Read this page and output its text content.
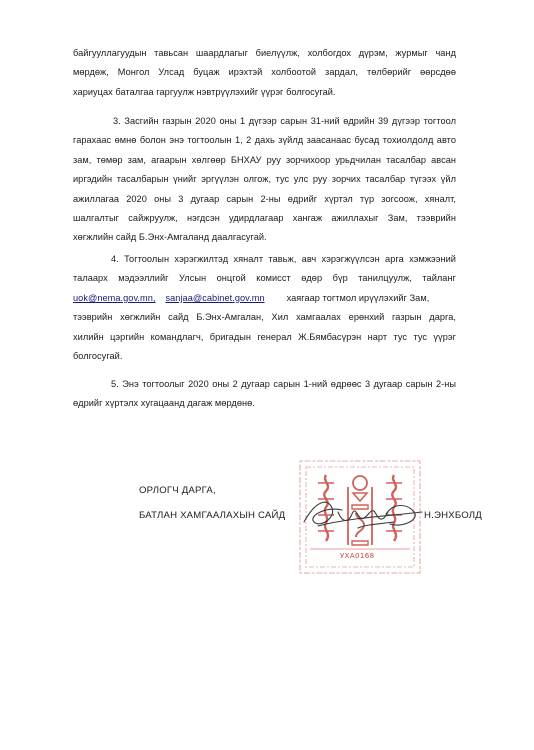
байгууллагуудын тавьсан шаардлагыг биелүүлж, холбогдох дүрэм, журмыг чанд
мөрдөж, Монгол Улсад буцаж ирэхтэй холбоотой зардал, төлбөрийг өөрсдөө
хариуцах баталгаа гаргуулж нэвтрүүлэхийг үүрэг болгосугай.
3. Засгийн газрын 2020 оны 1 дүгээр сарын 31-ний өдрийн 39 дүгээр тогтоол
гарахаас өмнө болон энэ тогтоолын 1, 2 дахь зүйлд заасанаас бусад тохиолдолд авто
зам, төмөр зам, агаарын хөлгөөр БНХАУ руу зорчихоор урьдчилан тасалбар авсан
иргэдийн тасалбарын үнийг эргүүлэн олгож, тус улс руу зорчих тасалбар түгээх үйл
ажиллагаа 2020 оны 3 дугаар сарын 2-ны өдрийг хүртэл түр зогсоож, хяналт,
шалгалтыг сайжруулж, нэгдсэн удирдлагаар хангаж ажиллахыг Зам, тээврийн
хөгжлийн сайд Б.Энх-Амгаланд даалгасугай.
4. Тогтоолын хэрэгжилтэд хяналт тавьж, авч хэрэгжүүлсэн арга хэмжээний
талаарх мэдээллийг Улсын онцгой комисст өдөр бүр танилцуулж, тайланг
uok@nema.gov.mn, sanjaa@cabinet.gov.mn хаягаар тогтмол ирүүлэхийг Зам,
тээврийн хөгжлийн сайд Б.Энх-Амгалан, Хил хамгаалах ерөнхий газрын дарга,
хилийн цэргийн командлагч, бригадын генерал Ж.Бямбасүрэн нарт тус тус үүрэг
болгосугай.
5. Энэ тогтоолыг 2020 оны 2 дугаар сарын 1-ний өдрөөс 3 дугаар сарын 2-ны
өдрийг хүртэлх хугацаанд дагаж мөрдөнө.
ОРЛОГЧ ДАРГА,
БАТЛАН ХАМГААЛАХЫН САЙД	Н.ЭНХБОЛД
УХА0168
